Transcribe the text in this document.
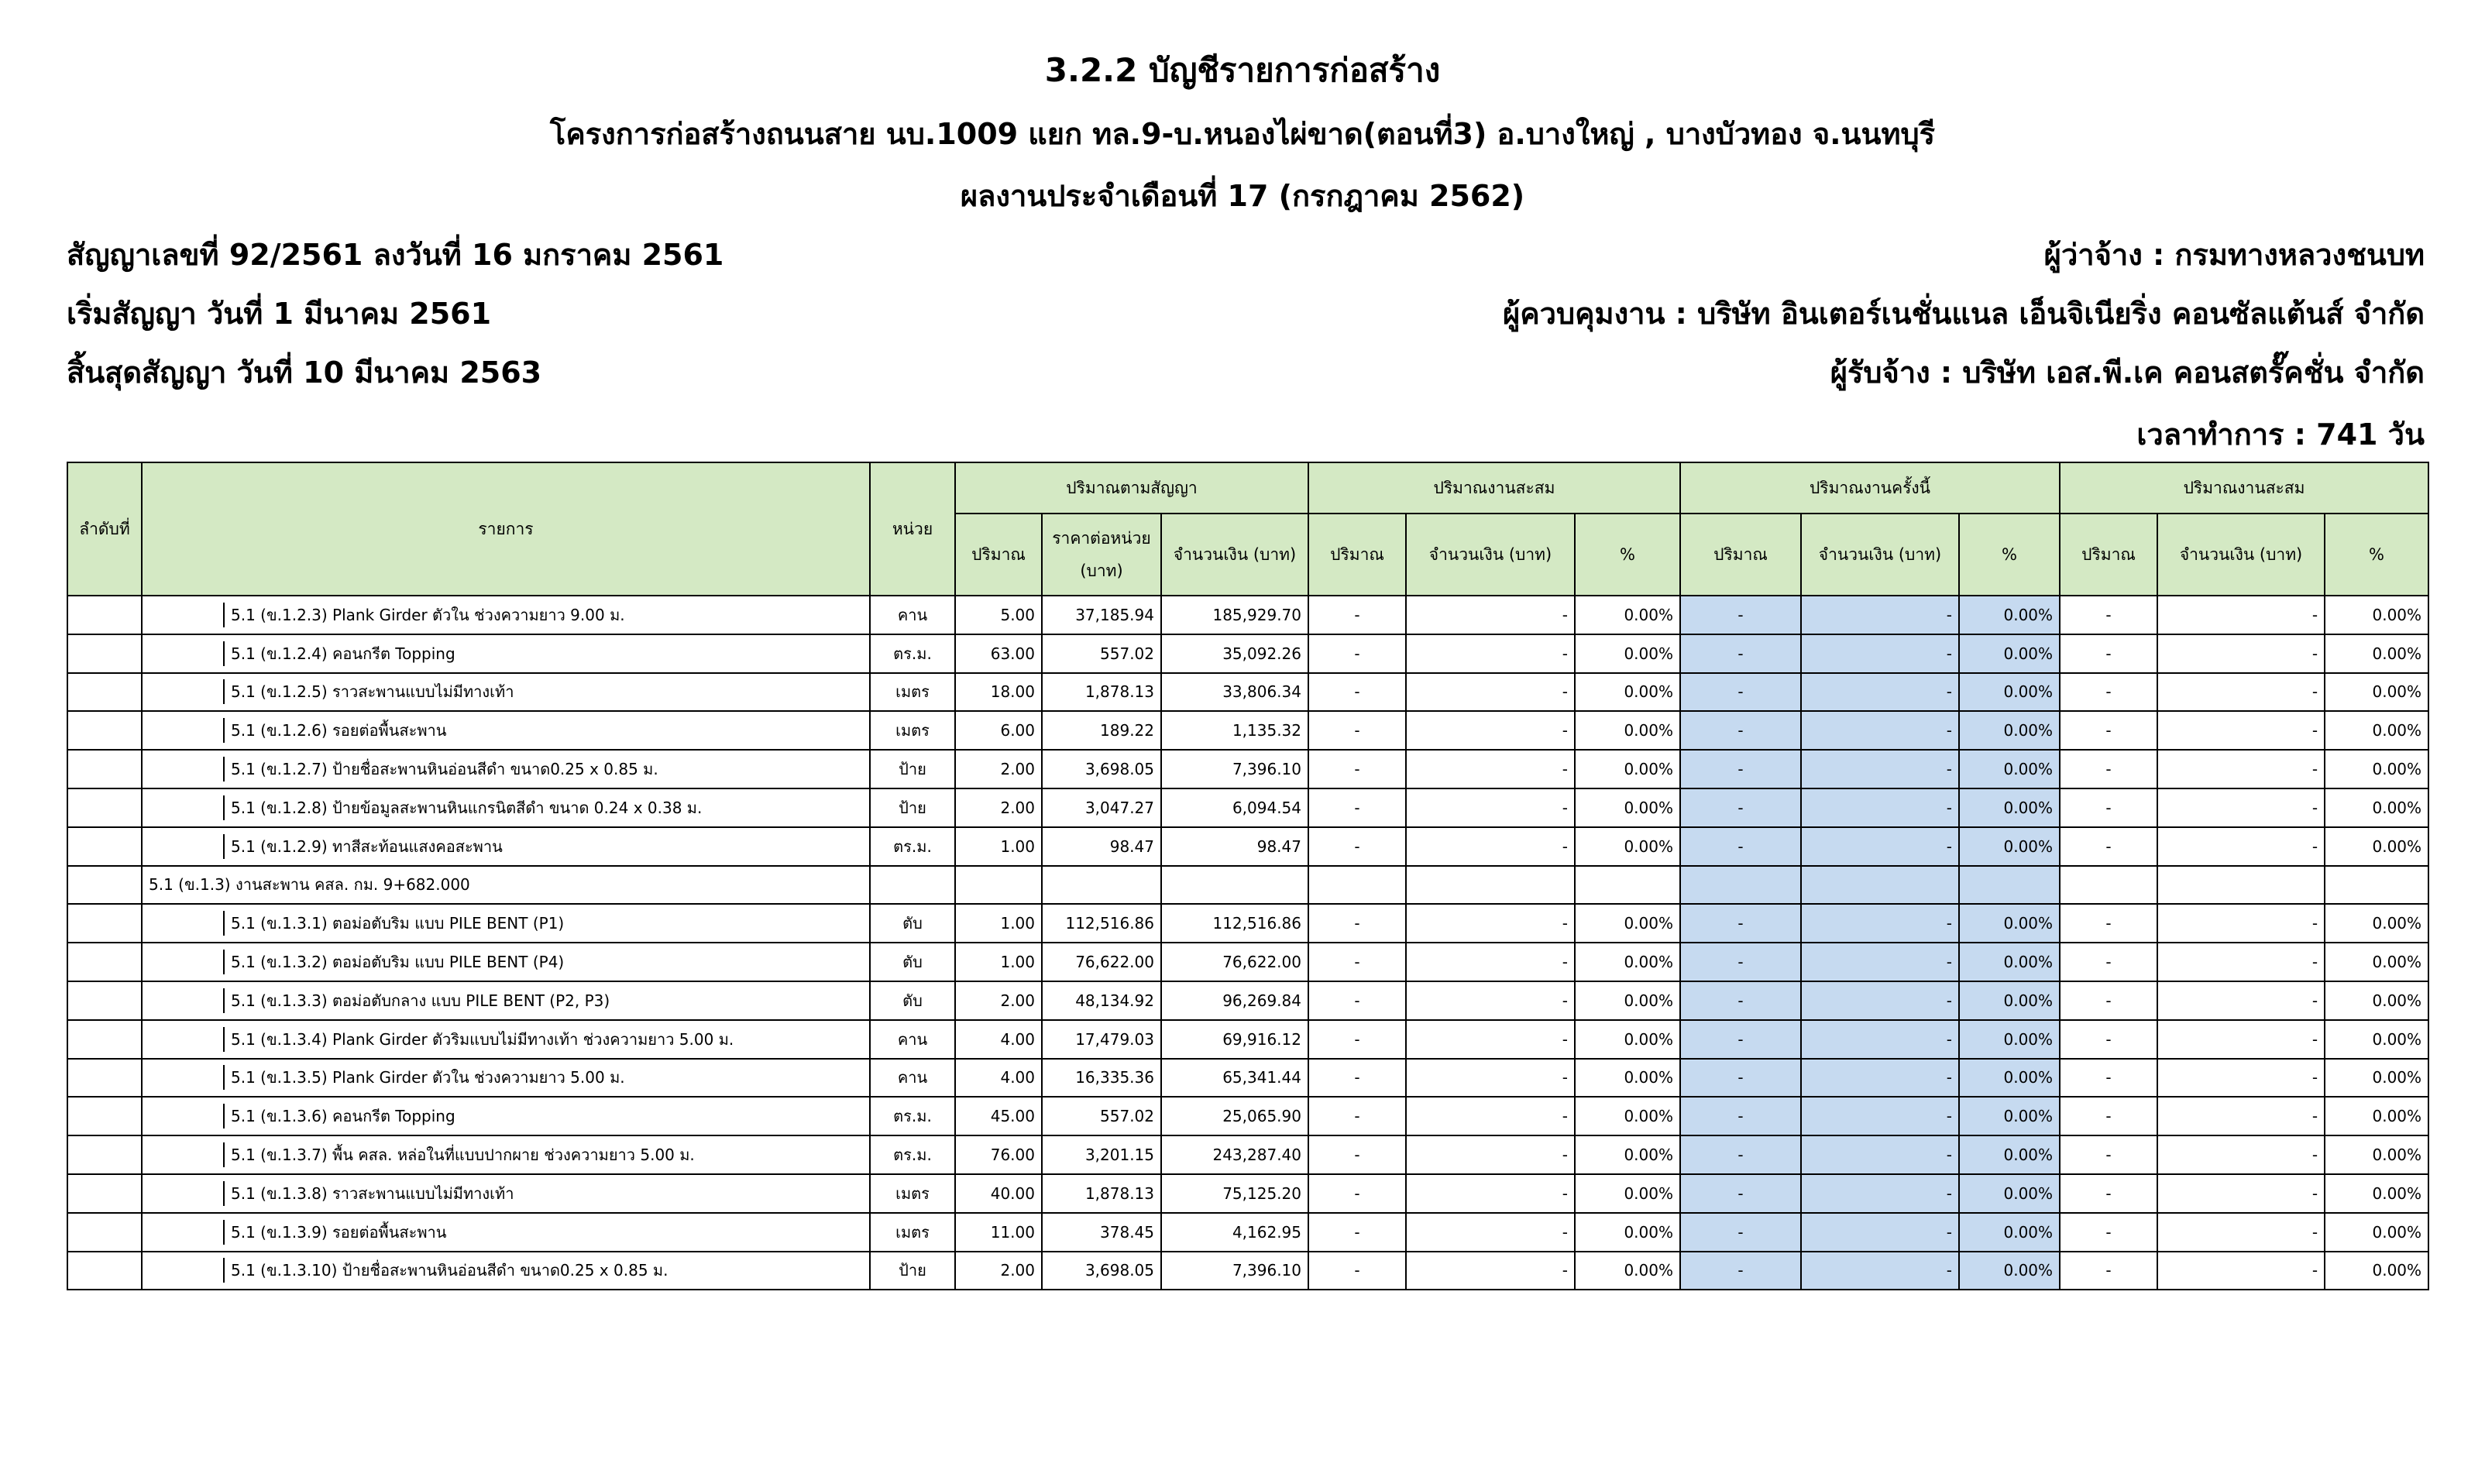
3.2.2 บัญชีรายการก่อสร้าง
โครงการก่อสร้างถนนสาย นบ.1009 แยก ทล.9-บ.หนองไผ่ขาด(ตอนที่3) อ.บางใหญ่ , บางบัวทอง จ.นนทบุรี
ผลงานประจำเดือนที่ 17 (กรกฎาคม 2562)
สัญญาเลขที่ 92/2561 ลงวันที่ 16 มกราคม 2561
เริ่มสัญญา วันที่ 1 มีนาคม 2561
สิ้นสุดสัญญา วันที่ 10 มีนาคม 2563
ผู้ว่าจ้าง : กรมทางหลวงชนบท
ผู้ควบคุมงาน : บริษัท อินเตอร์เนชั่นแนล เอ็นจิเนียริ่ง คอนซัลแต้นส์ จำกัด
ผู้รับจ้าง : บริษัท เอส.พี.เค คอนสตรั๊คชั่น จำกัด
เวลาทำการ : 741 วัน
ลำดับที่	รายการ	หน่วย	ปริมาณตามสัญญา			ปริมาณงานสะสม			ปริมาณงานครั้งนี้			ปริมาณงานสะสม		
			ปริมาณ	ราคาต่อหน่วย (บาท)	จำนวนเงิน (บาท)	ปริมาณ	จำนวนเงิน (บาท)	%	ปริมาณ	จำนวนเงิน (บาท)	%	ปริมาณ	จำนวนเงิน (บาท)	%

5.1 (ข.1.2.3) Plank Girder ตัวใน ช่วงความยาว 9.00 ม.	คาน	5.00	37,185.94	185,929.70	-	-	0.00%	-	-	0.00%	-	-	0.00%

5.1 (ข.1.2.4) คอนกรีต Topping	ตร.ม.	63.00	557.02	35,092.26	-	-	0.00%	-	-	0.00%	-	-	0.00%

5.1 (ข.1.2.5) ราวสะพานแบบไม่มีทางเท้า	เมตร	18.00	1,878.13	33,806.34	-	-	0.00%	-	-	0.00%	-	-	0.00%

5.1 (ข.1.2.6) รอยต่อพื้นสะพาน	เมตร	6.00	189.22	1,135.32	-	-	0.00%	-	-	0.00%	-	-	0.00%

5.1 (ข.1.2.7) ป้ายชื่อสะพานหินอ่อนสีดำ ขนาด0.25 x 0.85 ม.	ป้าย	2.00	3,698.05	7,396.10	-	-	0.00%	-	-	0.00%	-	-	0.00%

5.1 (ข.1.2.8) ป้ายข้อมูลสะพานหินแกรนิตสีดำ ขนาด 0.24 x 0.38 ม.	ป้าย	2.00	3,047.27	6,094.54	-	-	0.00%	-	-	0.00%	-	-	0.00%

5.1 (ข.1.2.9) ทาสีสะท้อนแสงคอสะพาน	ตร.ม.	1.00	98.47	98.47	-	-	0.00%	-	-	0.00%	-	-	0.00%
	5.1 (ข.1.3) งานสะพาน คสล. กม. 9+682.000													

5.1 (ข.1.3.1) ตอม่อตับริม แบบ PILE BENT (P1)	ตับ	1.00	112,516.86	112,516.86	-	-	0.00%	-	-	0.00%	-	-	0.00%

5.1 (ข.1.3.2) ตอม่อตับริม แบบ PILE BENT (P4)	ตับ	1.00	76,622.00	76,622.00	-	-	0.00%	-	-	0.00%	-	-	0.00%

5.1 (ข.1.3.3) ตอม่อตับกลาง แบบ PILE BENT (P2, P3)	ตับ	2.00	48,134.92	96,269.84	-	-	0.00%	-	-	0.00%	-	-	0.00%

5.1 (ข.1.3.4) Plank Girder ตัวริมแบบไม่มีทางเท้า ช่วงความยาว 5.00 ม.	คาน	4.00	17,479.03	69,916.12	-	-	0.00%	-	-	0.00%	-	-	0.00%

5.1 (ข.1.3.5) Plank Girder ตัวใน ช่วงความยาว 5.00 ม.	คาน	4.00	16,335.36	65,341.44	-	-	0.00%	-	-	0.00%	-	-	0.00%

5.1 (ข.1.3.6) คอนกรีต Topping	ตร.ม.	45.00	557.02	25,065.90	-	-	0.00%	-	-	0.00%	-	-	0.00%

5.1 (ข.1.3.7) พื้น คสล. หล่อในที่แบบปากผาย ช่วงความยาว 5.00 ม.	ตร.ม.	76.00	3,201.15	243,287.40	-	-	0.00%	-	-	0.00%	-	-	0.00%

5.1 (ข.1.3.8) ราวสะพานแบบไม่มีทางเท้า	เมตร	40.00	1,878.13	75,125.20	-	-	0.00%	-	-	0.00%	-	-	0.00%

5.1 (ข.1.3.9) รอยต่อพื้นสะพาน	เมตร	11.00	378.45	4,162.95	-	-	0.00%	-	-	0.00%	-	-	0.00%

5.1 (ข.1.3.10) ป้ายชื่อสะพานหินอ่อนสีดำ ขนาด0.25 x 0.85 ม.	ป้าย	2.00	3,698.05	7,396.10	-	-	0.00%	-	-	0.00%	-	-	0.00%
